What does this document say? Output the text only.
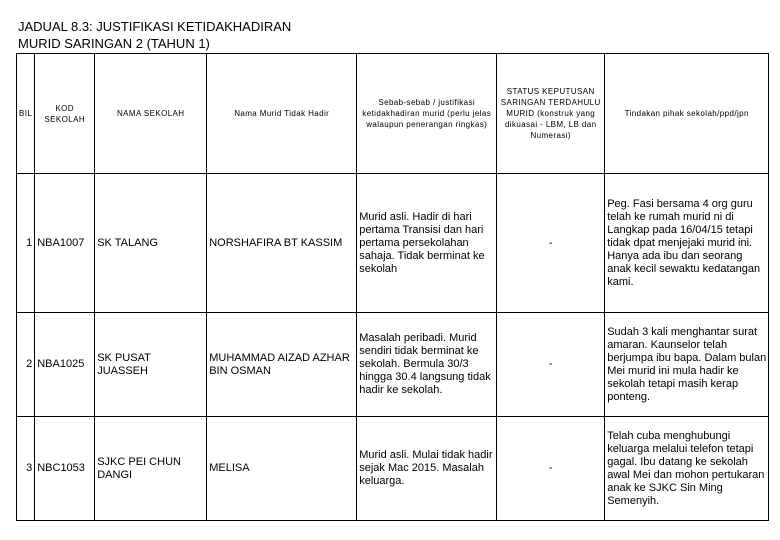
JADUAL 8.3: JUSTIFIKASI KETIDAKHADIRAN
MURID SARINGAN 2 (TAHUN 1)
BIL	KOD SEKOLAH	NAMA SEKOLAH	Nama Murid Tidak Hadir	Sebab-sebab / justifikasi ketidakhadiran murid (perlu jelas walaupun penerangan ringkas)	STATUS KEPUTUSAN SARINGAN TERDAHULU MURID (konstruk yang dikuasai - LBM, LB dan Numerasi)	Tindakan pihak sekolah/ppd/jpn
1	NBA1007	SK TALANG	NORSHAFIRA BT KASSIM	Murid asli. Hadir di hari pertama Transisi dan hari pertama persekolahan sahaja. Tidak berminat ke sekolah	-	Peg. Fasi bersama 4 org guru telah ke rumah murid ni di Langkap pada 16/04/15 tetapi tidak dpat menjejaki murid ini. Hanya ada ibu dan seorang anak kecil sewaktu kedatangan kami.
2	NBA1025	SK PUSAT JUASSEH	MUHAMMAD AIZAD AZHAR BIN OSMAN	Masalah peribadi. Murid sendiri tidak berminat ke sekolah. Bermula 30/3 hingga 30.4 langsung tidak hadir ke sekolah.	-	Sudah 3 kali menghantar surat amaran. Kaunselor telah berjumpa ibu bapa. Dalam bulan Mei murid ini mula hadir ke sekolah tetapi masih kerap ponteng.
3	NBC1053	SJKC PEI CHUN DANGI	MELISA	Murid asli. Mulai tidak hadir sejak Mac 2015. Masalah keluarga.	-	Telah cuba menghubungi keluarga melalui telefon tetapi gagal. Ibu datang ke sekolah awal Mei dan mohon pertukaran anak ke SJKC Sin Ming Semenyih.
